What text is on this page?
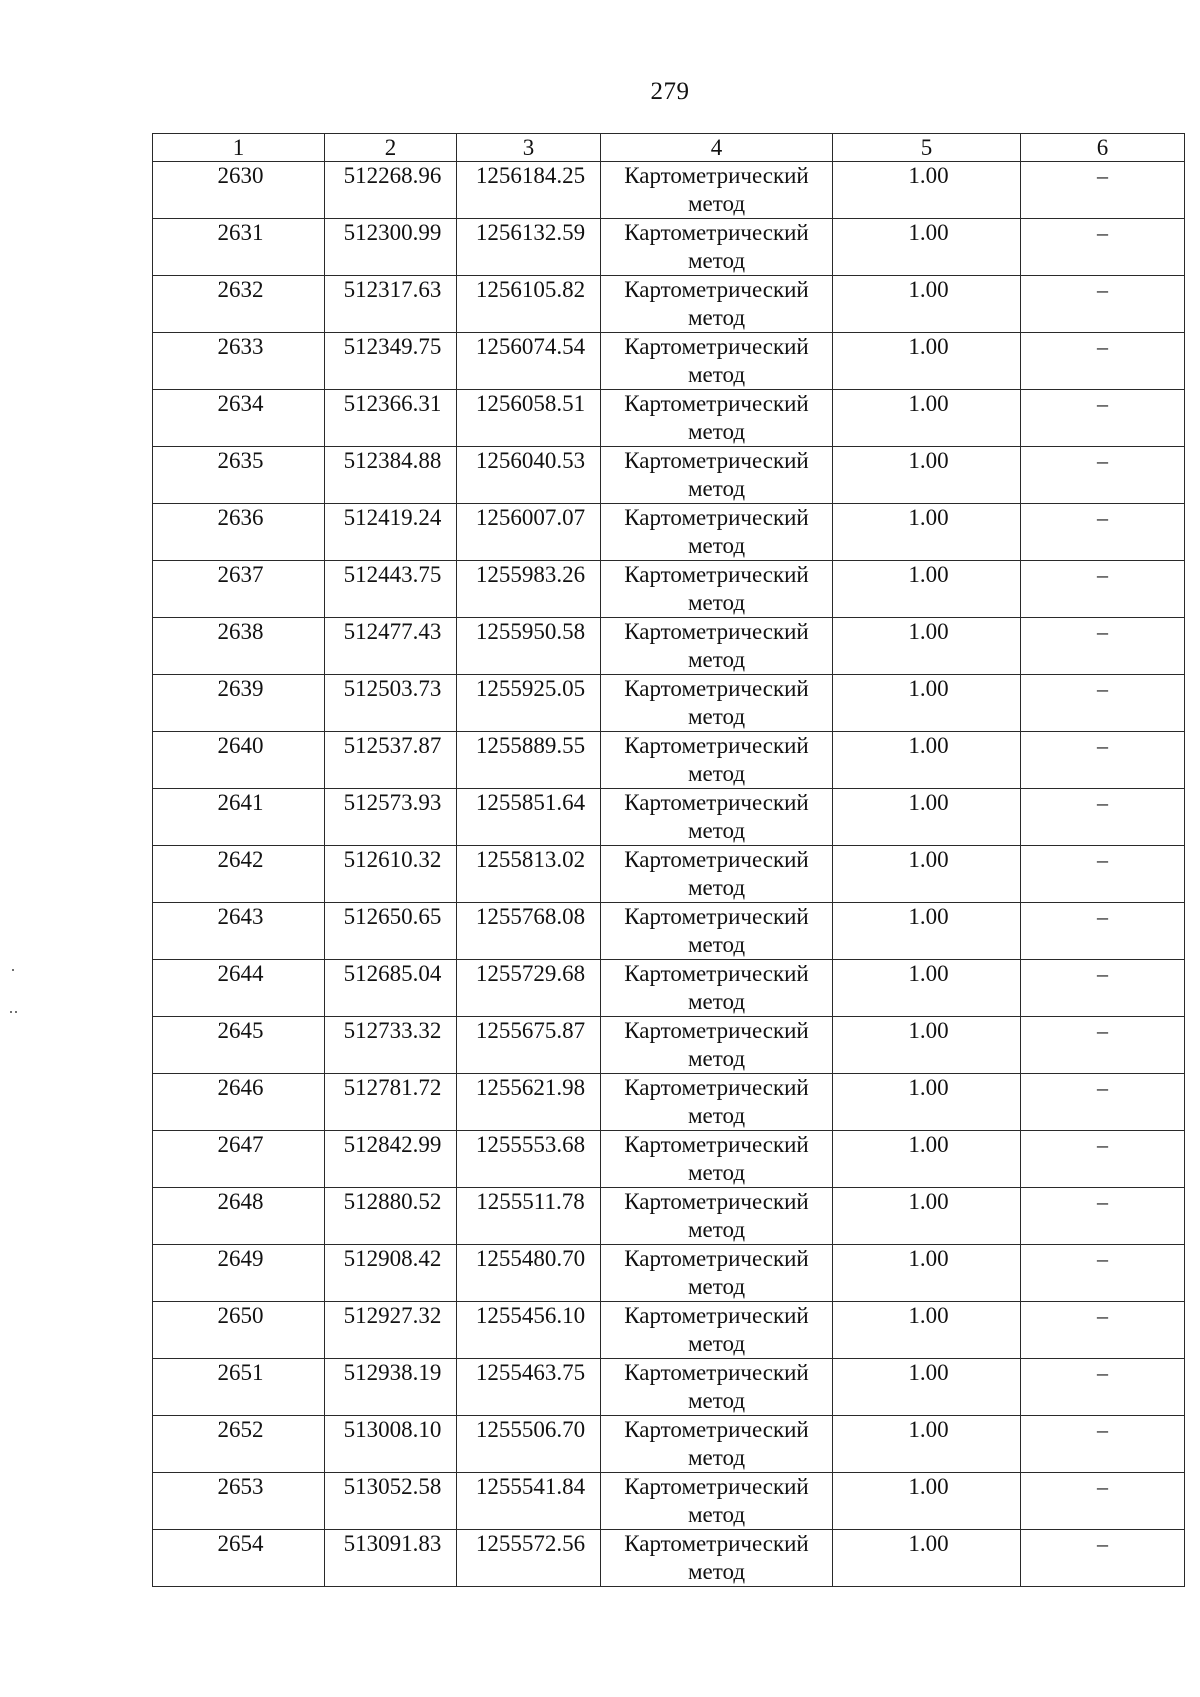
279
1	2	3	4	5	6
2630	512268.96	1256184.25	Картометрический метод	1.00	–
2631	512300.99	1256132.59	Картометрический метод	1.00	–
2632	512317.63	1256105.82	Картометрический метод	1.00	–
2633	512349.75	1256074.54	Картометрический метод	1.00	–
2634	512366.31	1256058.51	Картометрический метод	1.00	–
2635	512384.88	1256040.53	Картометрический метод	1.00	–
2636	512419.24	1256007.07	Картометрический метод	1.00	–
2637	512443.75	1255983.26	Картометрический метод	1.00	–
2638	512477.43	1255950.58	Картометрический метод	1.00	–
2639	512503.73	1255925.05	Картометрический метод	1.00	–
2640	512537.87	1255889.55	Картометрический метод	1.00	–
2641	512573.93	1255851.64	Картометрический метод	1.00	–
2642	512610.32	1255813.02	Картометрический метод	1.00	–
2643	512650.65	1255768.08	Картометрический метод	1.00	–
2644	512685.04	1255729.68	Картометрический метод	1.00	–
2645	512733.32	1255675.87	Картометрический метод	1.00	–
2646	512781.72	1255621.98	Картометрический метод	1.00	–
2647	512842.99	1255553.68	Картометрический метод	1.00	–
2648	512880.52	1255511.78	Картометрический метод	1.00	–
2649	512908.42	1255480.70	Картометрический метод	1.00	–
2650	512927.32	1255456.10	Картометрический метод	1.00	–
2651	512938.19	1255463.75	Картометрический метод	1.00	–
2652	513008.10	1255506.70	Картометрический метод	1.00	–
2653	513052.58	1255541.84	Картометрический метод	1.00	–
2654	513091.83	1255572.56	Картометрический метод	1.00	–
